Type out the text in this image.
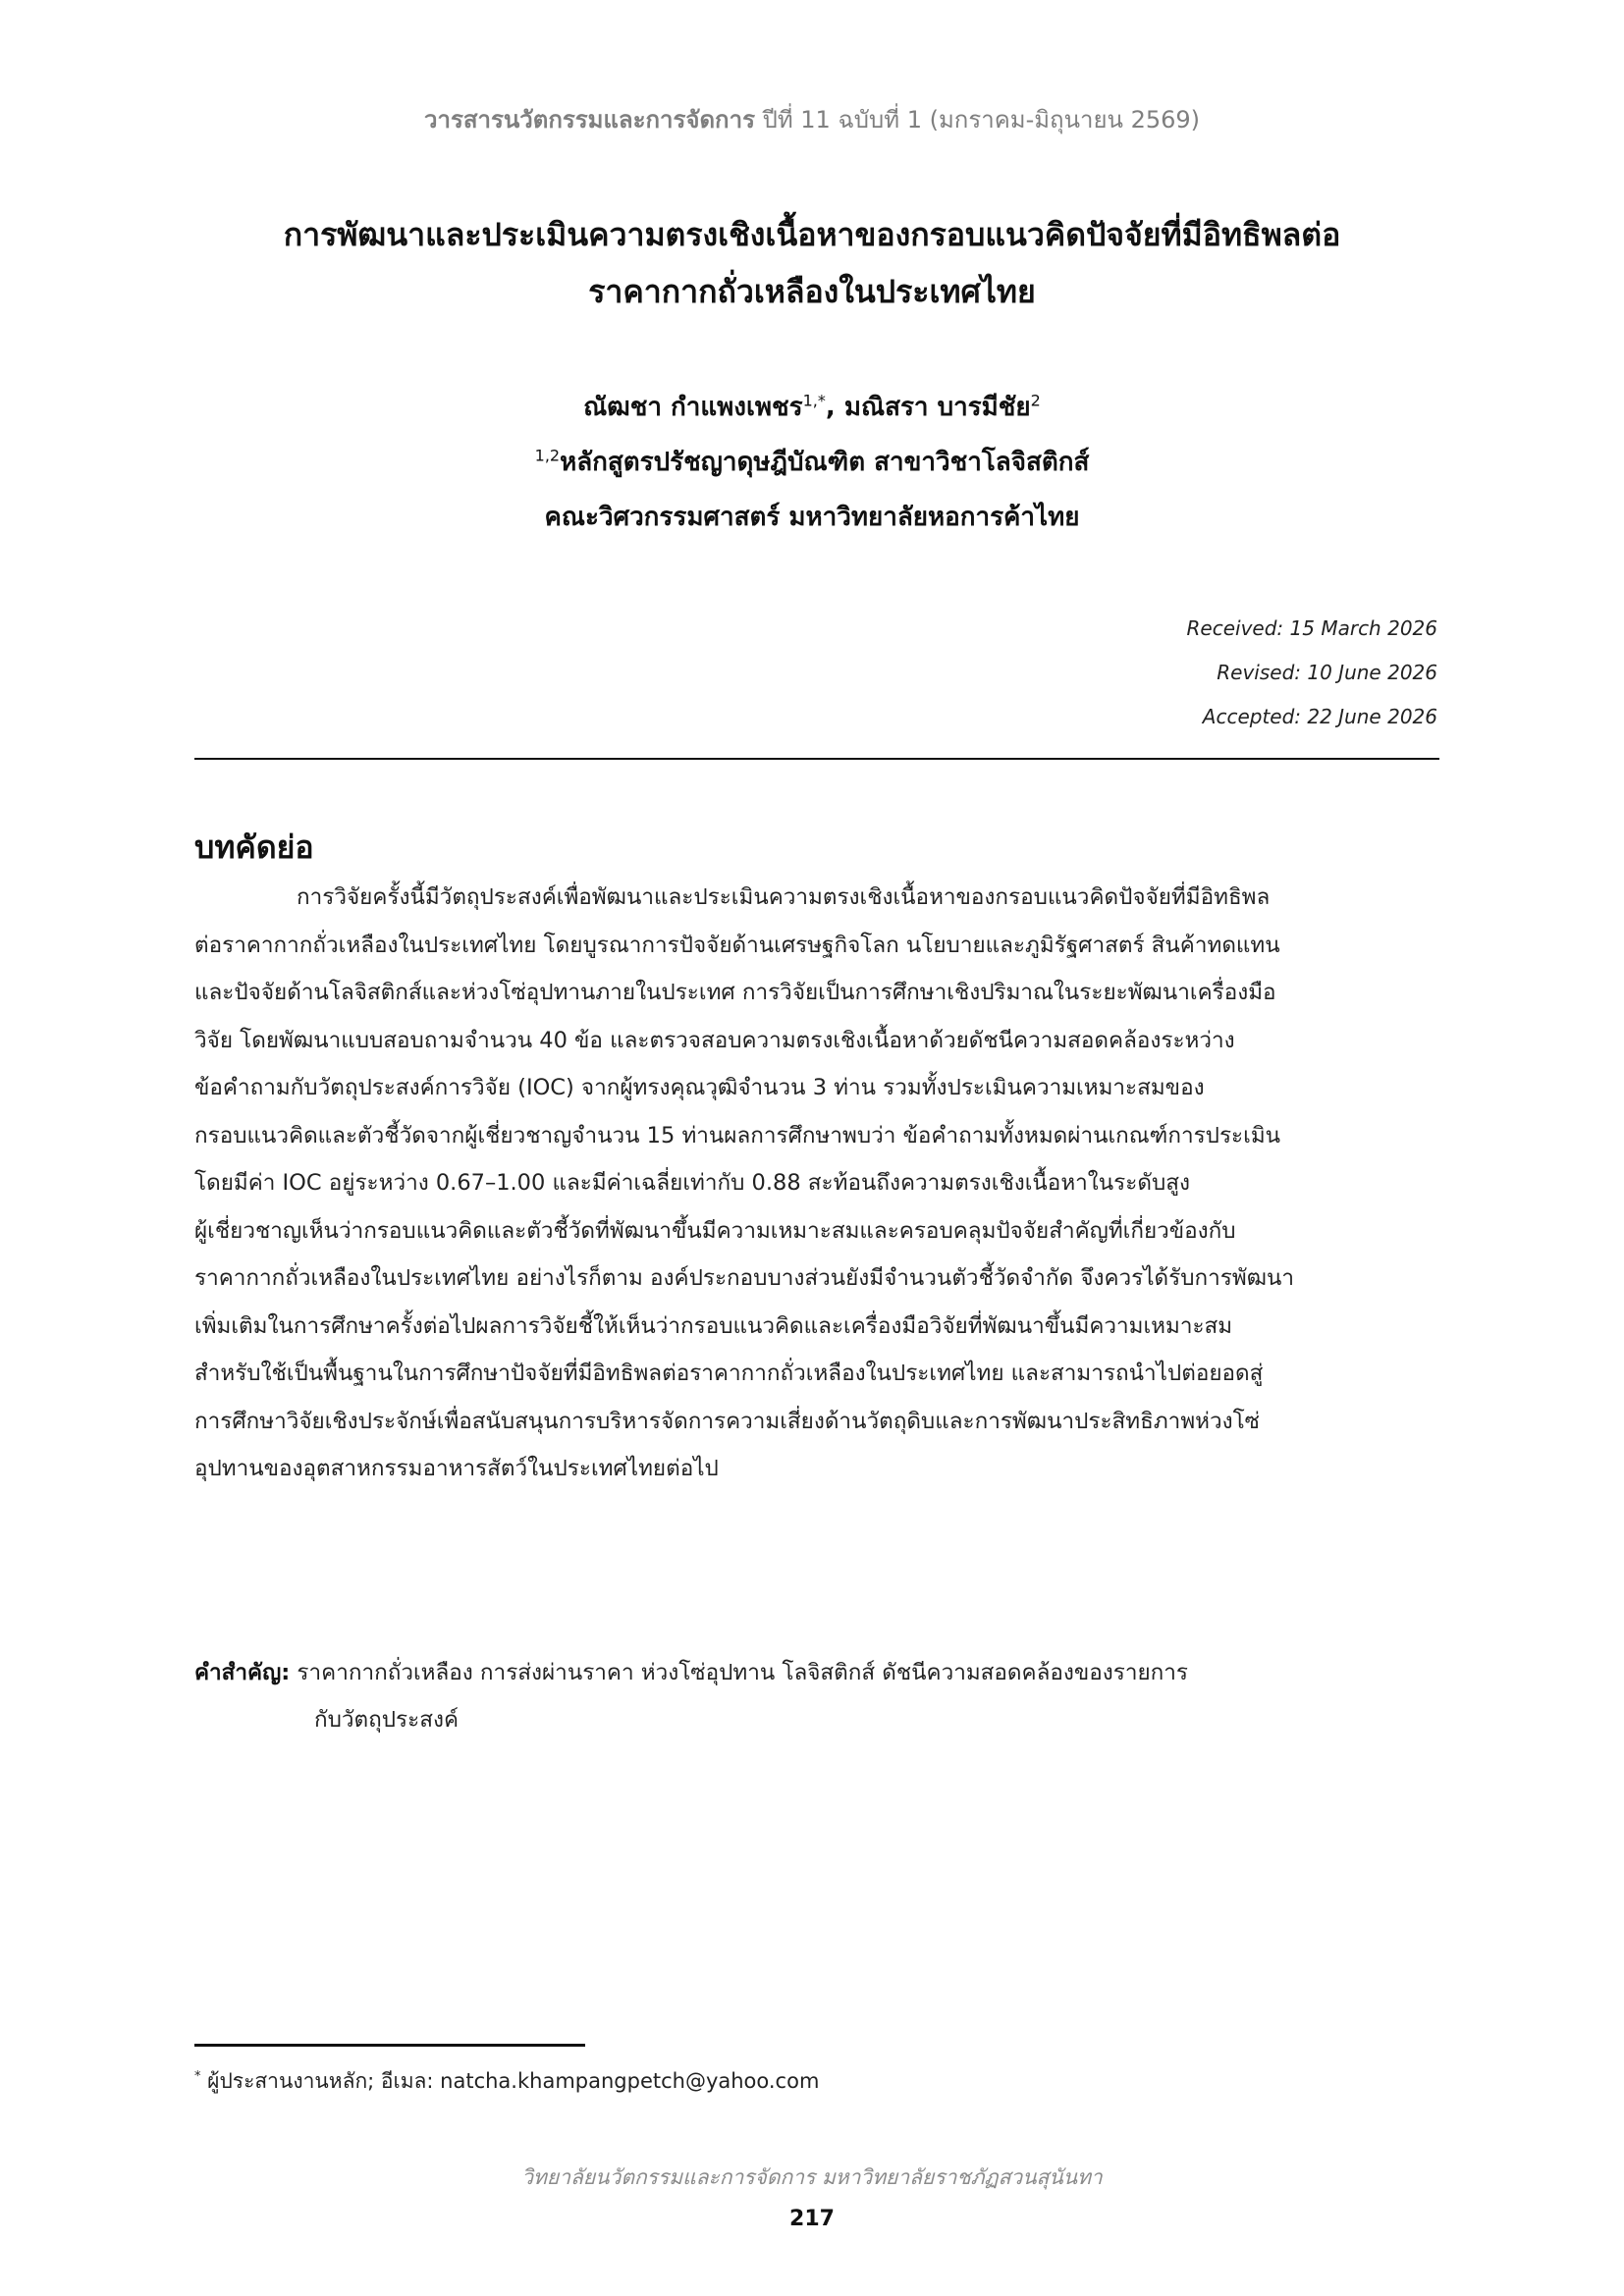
วารสารนวัตกรรมและการจัดการ ปีที่ 11 ฉบับที่ 1 (มกราคม-มิถุนายน 2569)
การพัฒนาและประเมินความตรงเชิงเนื้อหาของกรอบแนวคิดปัจจัยที่มีอิทธิพลต่อ
ราคากากถั่วเหลืองในประเทศไทย
ณัฒชา กำแพงเพชร$^{1,*}$, มณิสรา บารมีชัย$^2$
$^{1,2}$หลักสูตรปรัชญาดุษฎีบัณฑิต สาขาวิชาโลจิสติกส์
คณะวิศวกรรมศาสตร์ มหาวิทยาลัยหอการค้าไทย
Received: 15 March 2026
Revised: 10 June 2026
Accepted: 22 June 2026
บทคัดย่อ
การวิจัยครั้งนี้มีวัตถุประสงค์เพื่อพัฒนาและประเมินความตรงเชิงเนื้อหาของกรอบแนวคิดปัจจัยที่มีอิทธิพล
ต่อราคากากถั่วเหลืองในประเทศไทย โดยบูรณาการปัจจัยด้านเศรษฐกิจโลก นโยบายและภูมิรัฐศาสตร์ สินค้าทดแทน
และปัจจัยด้านโลจิสติกส์และห่วงโซ่อุปทานภายในประเทศ การวิจัยเป็นการศึกษาเชิงปริมาณในระยะพัฒนาเครื่องมือ
วิจัย โดยพัฒนาแบบสอบถามจำนวน 40 ข้อ และตรวจสอบความตรงเชิงเนื้อหาด้วยดัชนีความสอดคล้องระหว่าง
ข้อคำถามกับวัตถุประสงค์การวิจัย (IOC) จากผู้ทรงคุณวุฒิจำนวน 3 ท่าน รวมทั้งประเมินความเหมาะสมของ
กรอบแนวคิดและตัวชี้วัดจากผู้เชี่ยวชาญจำนวน 15 ท่านผลการศึกษาพบว่า ข้อคำถามทั้งหมดผ่านเกณฑ์การประเมิน
โดยมีค่า IOC อยู่ระหว่าง 0.67–1.00 และมีค่าเฉลี่ยเท่ากับ 0.88 สะท้อนถึงความตรงเชิงเนื้อหาในระดับสูง
ผู้เชี่ยวชาญเห็นว่ากรอบแนวคิดและตัวชี้วัดที่พัฒนาขึ้นมีความเหมาะสมและครอบคลุมปัจจัยสำคัญที่เกี่ยวข้องกับ
ราคากากถั่วเหลืองในประเทศไทย อย่างไรก็ตาม องค์ประกอบบางส่วนยังมีจำนวนตัวชี้วัดจำกัด จึงควรได้รับการพัฒนา
เพิ่มเติมในการศึกษาครั้งต่อไปผลการวิจัยชี้ให้เห็นว่ากรอบแนวคิดและเครื่องมือวิจัยที่พัฒนาขึ้นมีความเหมาะสม
สำหรับใช้เป็นพื้นฐานในการศึกษาปัจจัยที่มีอิทธิพลต่อราคากากถั่วเหลืองในประเทศไทย และสามารถนำไปต่อยอดสู่
การศึกษาวิจัยเชิงประจักษ์เพื่อสนับสนุนการบริหารจัดการความเสี่ยงด้านวัตถุดิบและการพัฒนาประสิทธิภาพห่วงโซ่
อุปทานของอุตสาหกรรมอาหารสัตว์ในประเทศไทยต่อไป
คำสำคัญ: ราคากากถั่วเหลือง การส่งผ่านราคา ห่วงโซ่อุปทาน โลจิสติกส์ ดัชนีความสอดคล้องของรายการ
กับวัตถุประสงค์
* ผู้ประสานงานหลัก; อีเมล: natcha.khampangpetch@yahoo.com
วิทยาลัยนวัตกรรมและการจัดการ มหาวิทยาลัยราชภัฏสวนสุนันทา
217
